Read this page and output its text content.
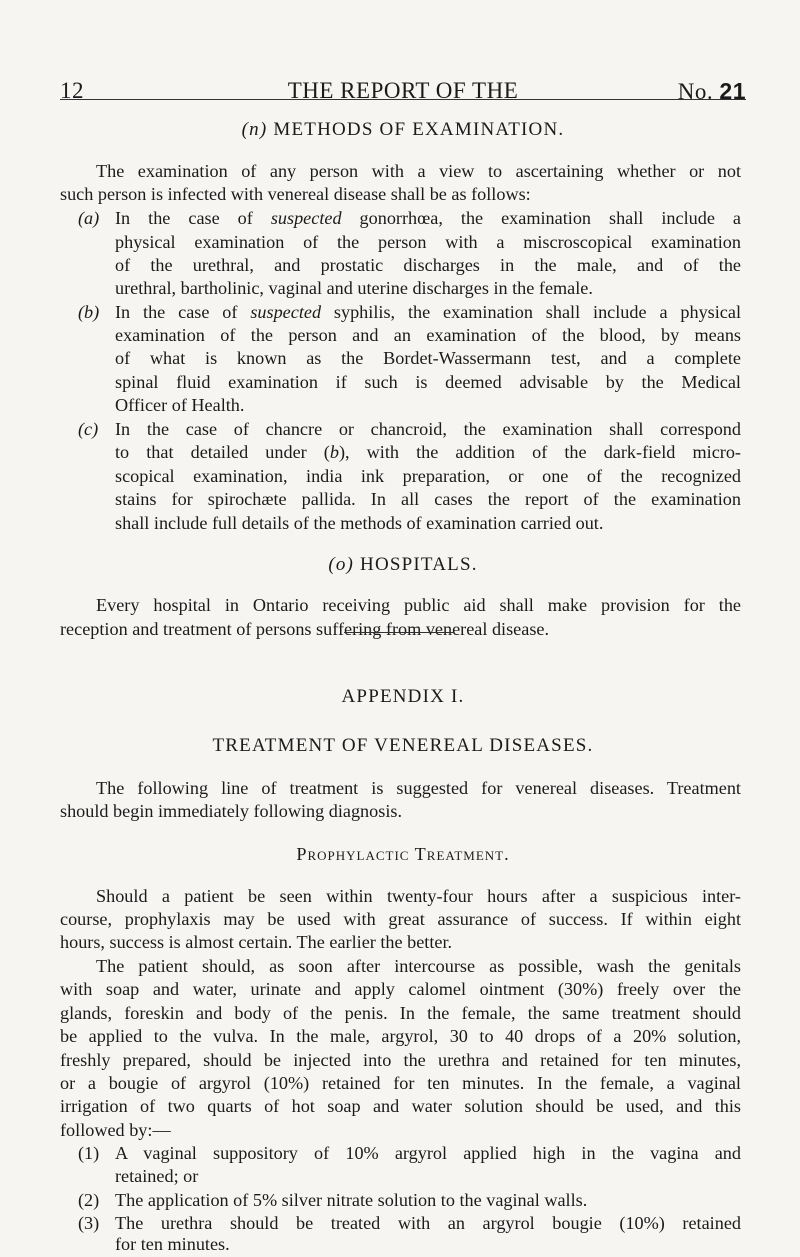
12	THE REPORT OF THE	No. 21
(n) METHODS OF EXAMINATION.
The examination of any person with a view to ascertaining whether or not
such person is infected with venereal disease shall be as follows:
(a) In the case of suspected gonorrhœa, the examination shall include a
physical examination of the person with a miscroscopical examination
of the urethral, and prostatic discharges in the male, and of the
urethral, bartholinic, vaginal and uterine discharges in the female.
(b) In the case of suspected syphilis, the examination shall include a physical
examination of the person and an examination of the blood, by means
of what is known as the Bordet-Wassermann test, and a complete
spinal fluid examination if such is deemed advisable by the Medical
Officer of Health.
(c) In the case of chancre or chancroid, the examination shall correspond
to that detailed under (b), with the addition of the dark-field micro-
scopical examination, india ink preparation, or one of the recognized
stains for spirochæte pallida. In all cases the report of the examination
shall include full details of the methods of examination carried out.
(o) HOSPITALS.
Every hospital in Ontario receiving public aid shall make provision for the
reception and treatment of persons suffering from venereal disease.
APPENDIX I.
TREATMENT OF VENEREAL DISEASES.
The following line of treatment is suggested for venereal diseases. Treatment
should begin immediately following diagnosis.
Prophylactic Treatment.
Should a patient be seen within twenty-four hours after a suspicious inter-
course, prophylaxis may be used with great assurance of success. If within eight
hours, success is almost certain. The earlier the better.
The patient should, as soon after intercourse as possible, wash the genitals
with soap and water, urinate and apply calomel ointment (30%) freely over the
glands, foreskin and body of the penis. In the female, the same treatment should
be applied to the vulva. In the male, argyrol, 30 to 40 drops of a 20% solution,
freshly prepared, should be injected into the urethra and retained for ten minutes,
or a bougie of argyrol (10%) retained for ten minutes. In the female, a vaginal
irrigation of two quarts of hot soap and water solution should be used, and this
followed by:—
(1) A vaginal suppository of 10% argyrol applied high in the vagina and
retained; or
(2) The application of 5% silver nitrate solution to the vaginal walls.
(3) The urethra should be treated with an argyrol bougie (10%) retained
for ten minutes.
